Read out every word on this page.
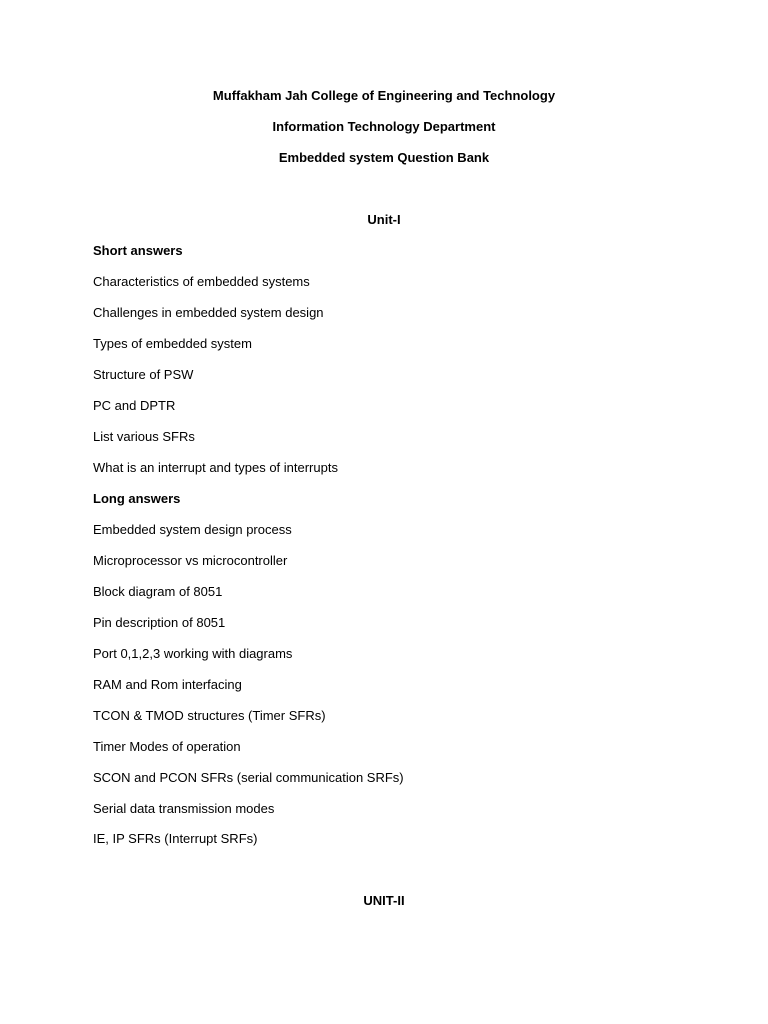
Muffakham Jah College of Engineering and Technology
Information Technology Department
Embedded system Question Bank
Unit-I
Short answers
Characteristics of embedded systems
Challenges in embedded system design
Types of embedded system
Structure of PSW
PC and DPTR
List various SFRs
What is an interrupt and types of interrupts
Long answers
Embedded system design process
Microprocessor vs microcontroller
Block diagram of 8051
Pin description of 8051
Port 0,1,2,3 working with diagrams
RAM and Rom interfacing
TCON & TMOD structures (Timer SFRs)
Timer Modes of operation
SCON and PCON SFRs (serial communication SRFs)
Serial data transmission modes
IE, IP SFRs (Interrupt SRFs)
UNIT-II
